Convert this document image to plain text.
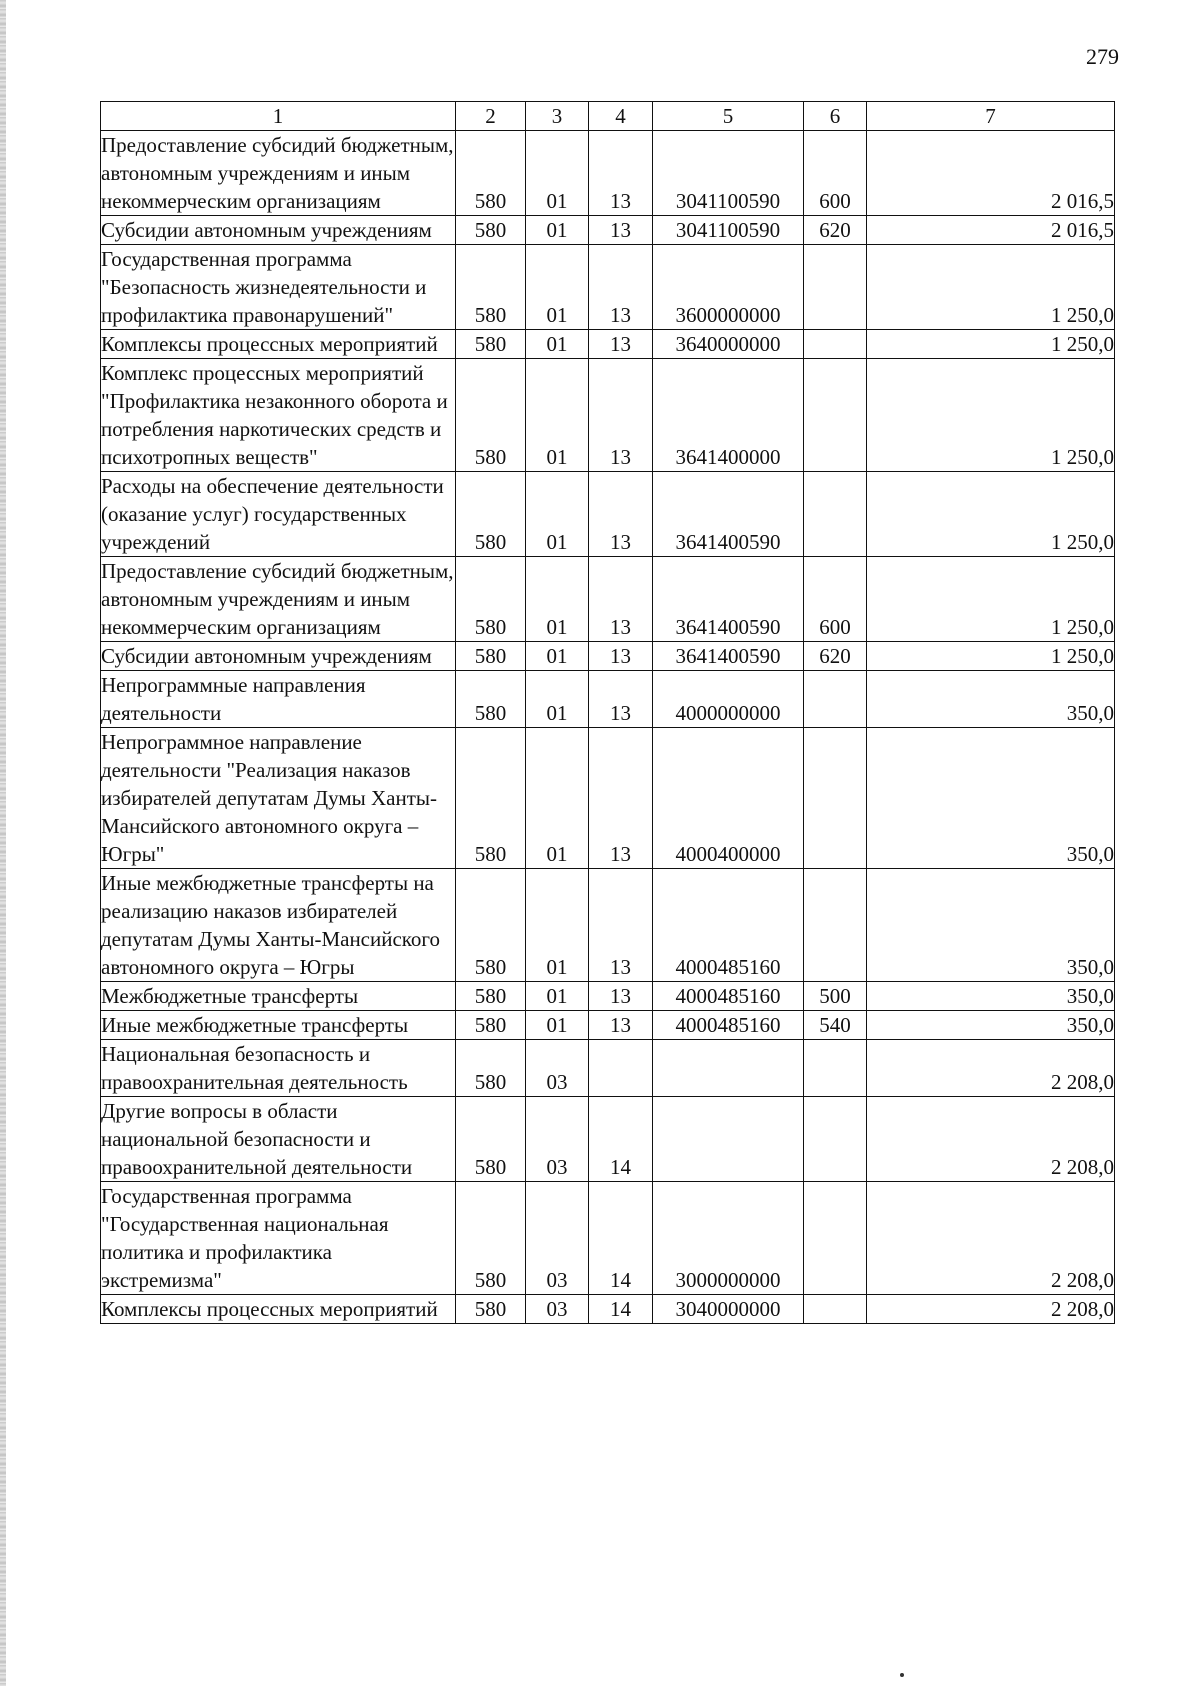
279
1	2	3	4	5	6	7
Предоставление субсидий бюджетным, автономным учреждениям и иным некоммерческим организациям	580	01	13	3041100590	600	2 016,5
Субсидии автономным учреждениям	580	01	13	3041100590	620	2 016,5
Государственная программа "Безопасность жизнедеятельности и профилактика правонарушений"	580	01	13	3600000000		1 250,0
Комплексы процессных мероприятий	580	01	13	3640000000		1 250,0
Комплекс процессных мероприятий "Профилактика незаконного оборота и потребления наркотических средств и психотропных веществ"	580	01	13	3641400000		1 250,0
Расходы на обеспечение деятельности (оказание услуг) государственных учреждений	580	01	13	3641400590		1 250,0
Предоставление субсидий бюджетным, автономным учреждениям и иным некоммерческим организациям	580	01	13	3641400590	600	1 250,0
Субсидии автономным учреждениям	580	01	13	3641400590	620	1 250,0
Непрограммные направления деятельности	580	01	13	4000000000		350,0
Непрограммное направление деятельности "Реализация наказов избирателей депутатам Думы Ханты-Мансийского автономного округа – Югры"	580	01	13	4000400000		350,0
Иные межбюджетные трансферты на реализацию наказов избирателей депутатам Думы Ханты-Мансийского автономного округа – Югры	580	01	13	4000485160		350,0
Межбюджетные трансферты	580	01	13	4000485160	500	350,0
Иные межбюджетные трансферты	580	01	13	4000485160	540	350,0
Национальная безопасность и правоохранительная деятельность	580	03				2 208,0
Другие вопросы в области национальной безопасности и правоохранительной деятельности	580	03	14			2 208,0
Государственная программа "Государственная национальная политика и профилактика экстремизма"	580	03	14	3000000000		2 208,0
Комплексы процессных мероприятий	580	03	14	3040000000		2 208,0
